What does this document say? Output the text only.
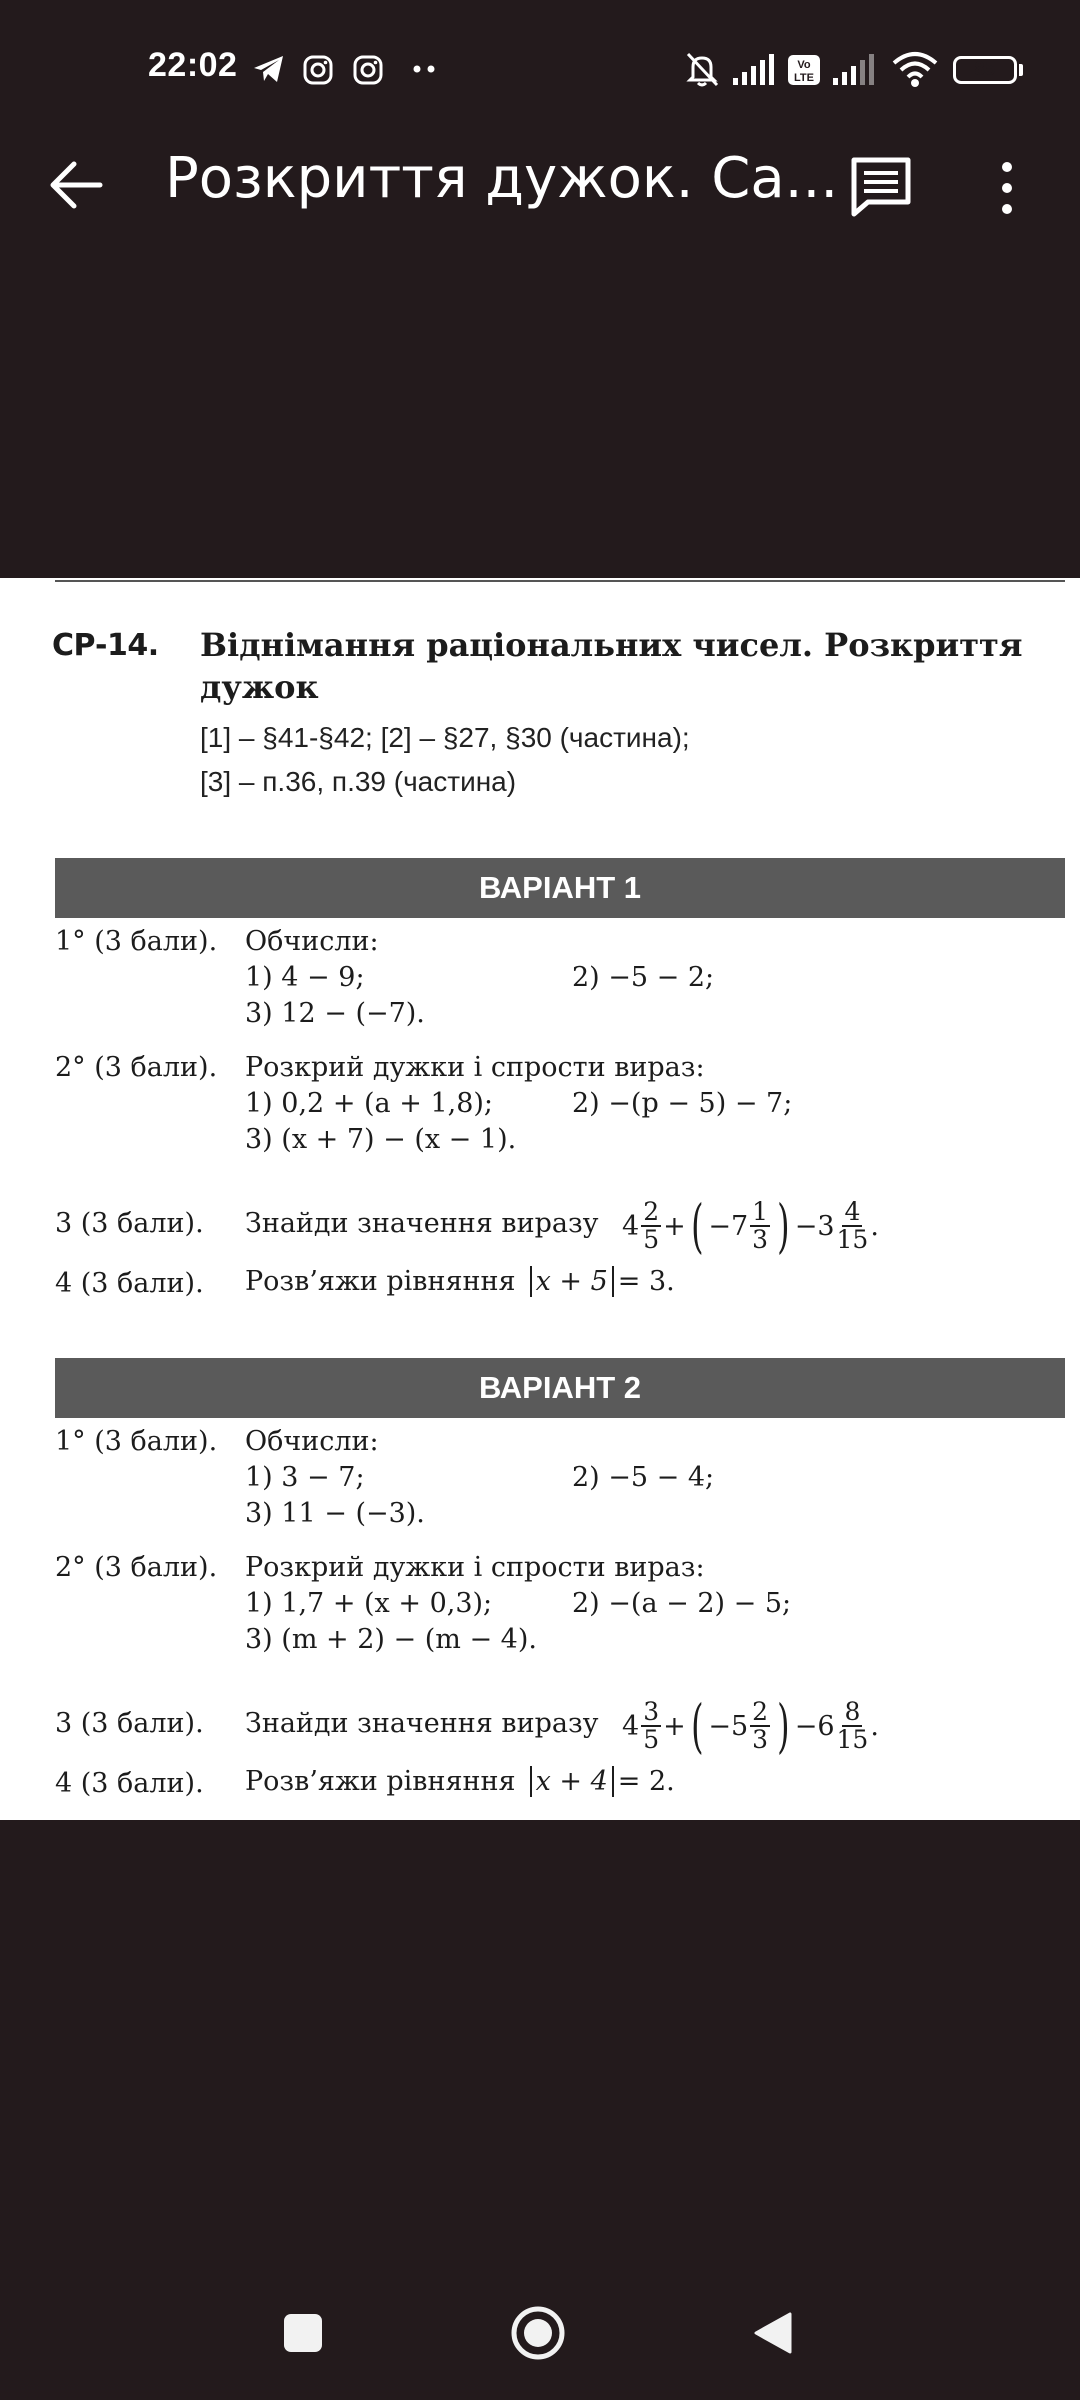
22:02	Vo
LTE	85
Розкриття дужок. Са...
СР-14. Віднімання раціональних чисел. Розкриття дужок
[1] – §41-§42; [2] – §27, §30 (частина);
[3] – п.36, п.39 (частина)
ВАРІАНТ 1
1° (3 бали). Обчисли:
1) 4 − 9;	2) −5 − 2;
3) 12 − (−7).
2° (3 бали). Розкрий дужки і спрости вираз:
1) 0,2 + (a + 1,8);	2) −(p − 5) − 7;
3) (x + 7) − (x − 1).
3 (3 бали). Знайди значення виразу $4 \frac{2}{5}$ + ( $-7 \frac{1}{3}$ ) − $3 \frac{4}{15}$ .
4 (3 бали). Розв’яжи рівняння x + 5 = 3.
ВАРІАНТ 2
1° (3 бали). Обчисли:
1) 3 − 7;	2) −5 − 4;
3) 11 − (−3).
2° (3 бали). Розкрий дужки і спрости вираз:
1) 1,7 + (x + 0,3);	2) −(a − 2) − 5;
3) (m + 2) − (m − 4).
3 (3 бали). Знайди значення виразу $4 \frac{3}{5}$ + ( $-5 \frac{2}{3}$ ) − $6 \frac{8}{15}$ .
4 (3 бали). Розв’яжи рівняння x + 4 = 2.
